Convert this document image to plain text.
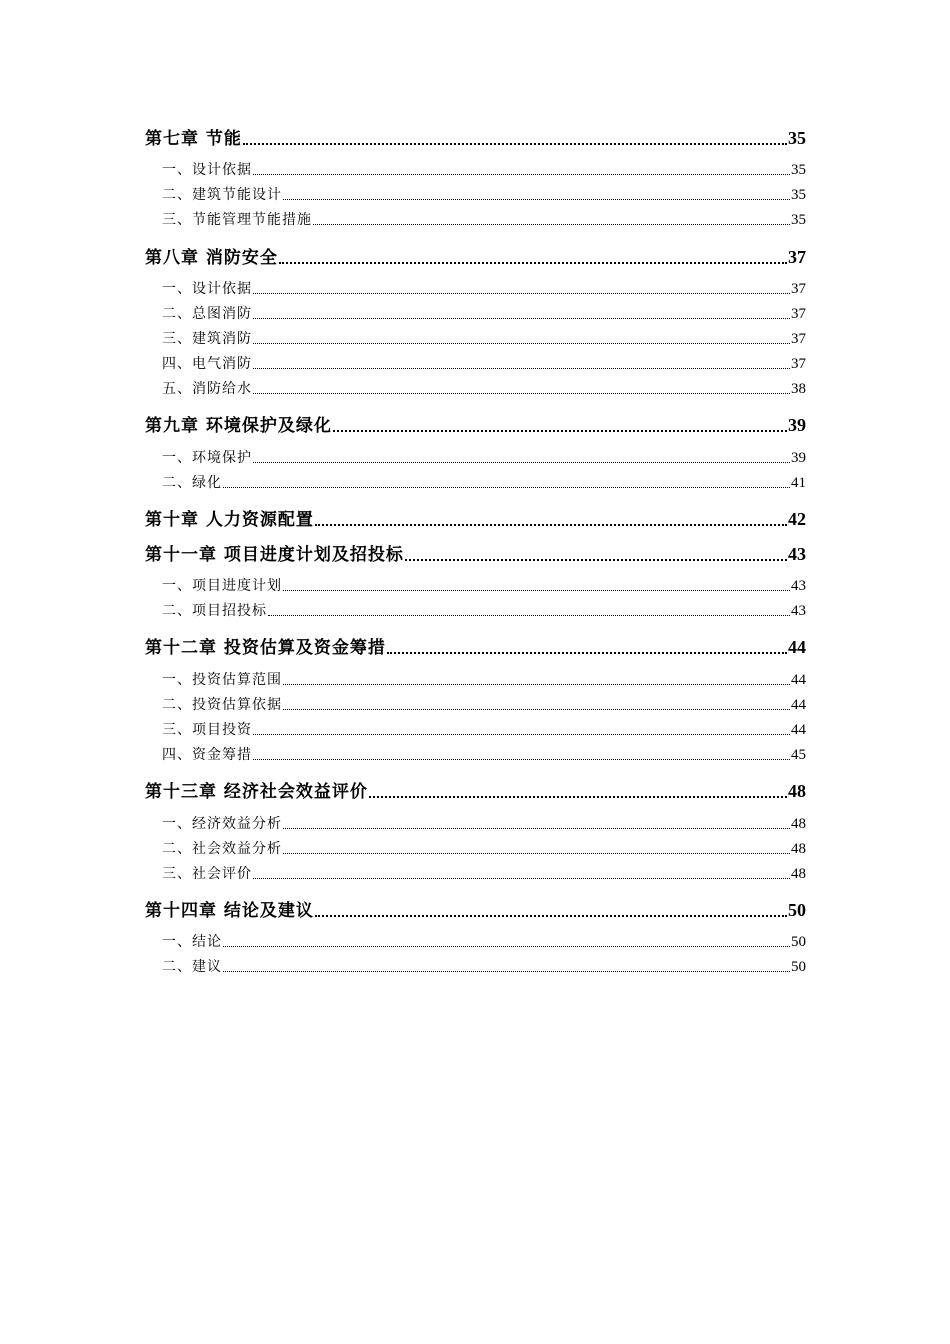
第七章 节能	35
一、设计依据	35
二、建筑节能设计	35
三、节能管理节能措施	35
第八章 消防安全	37
一、设计依据	37
二、总图消防	37
三、建筑消防	37
四、电气消防	37
五、消防给水	38
第九章 环境保护及绿化	39
一、环境保护	39
二、绿化	41
第十章 人力资源配置	42
第十一章 项目进度计划及招投标	43
一、项目进度计划	43
二、项目招投标	43
第十二章 投资估算及资金筹措	44
一、投资估算范围	44
二、投资估算依据	44
三、项目投资	44
四、资金筹措	45
第十三章 经济社会效益评价	48
一、经济效益分析	48
二、社会效益分析	48
三、社会评价	48
第十四章 结论及建议	50
一、结论	50
二、建议	50
